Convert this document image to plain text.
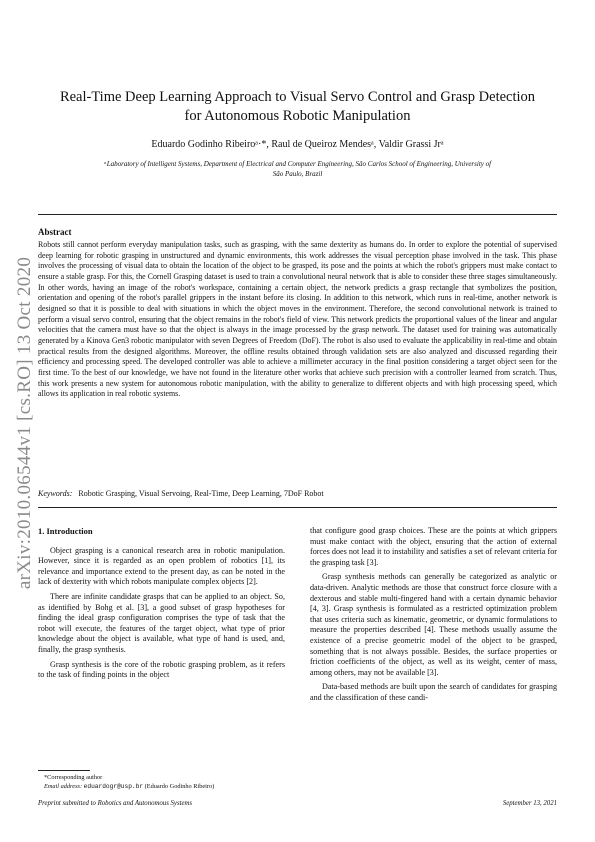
arXiv:2010.06544v1 [cs.RO] 13 Oct 2020
Real-Time Deep Learning Approach to Visual Servo Control and Grasp Detection
for Autonomous Robotic Manipulation
Eduardo Godinho Ribeiroᵃ·*, Raul de Queiroz Mendesᵃ, Valdir Grassi Jrᵃ
ᵃLaboratory of Intelligent Systems, Department of Electrical and Computer Engineering, São Carlos School of Engineering, University of
São Paulo, Brazil
Abstract

Robots still cannot perform everyday manipulation tasks, such as grasping, with the same dexterity as humans do. In order to explore the potential of supervised deep learning for robotic grasping in unstructured and dynamic environments, this work addresses the visual perception phase involved in the task. This phase involves the processing of visual data to obtain the location of the object to be grasped, its pose and the points at which the robot's grippers must make contact to ensure a stable grasp. For this, the Cornell Grasping dataset is used to train a convolutional neural network that is able to consider these three stages simultaneously. In other words, having an image of the robot's workspace, containing a certain object, the network predicts a grasp rectangle that symbolizes the position, orientation and opening of the robot's parallel grippers in the instant before its closing. In addition to this network, which runs in real-time, another network is designed so that it is possible to deal with situations in which the object moves in the environment. Therefore, the second convolutional network is trained to perform a visual servo control, ensuring that the object remains in the robot's field of view. This network predicts the proportional values of the linear and angular velocities that the camera must have so that the object is always in the image processed by the grasp network. The dataset used for training was automatically generated by a Kinova Gen3 robotic manipulator with seven Degrees of Freedom (DoF). The robot is also used to evaluate the applicability in real-time and obtain practical results from the designed algorithms. Moreover, the offline results obtained through validation sets are also analyzed and discussed regarding their efficiency and processing speed. The developed controller was able to achieve a millimeter accuracy in the final position considering a target object seen for the first time. To the best of our knowledge, we have not found in the literature other works that achieve such precision with a controller learned from scratch. Thus, this work presents a new system for autonomous robotic manipulation, with the ability to generalize to different objects and with high processing speed, which allows its application in real robotic systems.

Keywords: Robotic Grasping, Visual Servoing, Real-Time, Deep Learning, 7DoF Robot
1. Introduction

Object grasping is a canonical research area in robotic manipulation. However, since it is regarded as an open problem of robotics [1], its relevance and importance extend to the present day, as can be noted in the lack of dexterity with which robots manipulate complex objects [2].

There are infinite candidate grasps that can be applied to an object. So, as identified by Bohg et al. [3], a good subset of grasp hypotheses for finding the ideal grasp configuration comprises the type of task that the robot will execute, the features of the target object, what type of prior knowledge about the object is available, what type of hand is used, and, finally, the grasp synthesis.

Grasp synthesis is the core of the robotic grasping problem, as it refers to the task of finding points in the object

that configure good grasp choices. These are the points at which grippers must make contact with the object, ensuring that the action of external forces does not lead it to instability and satisfies a set of relevant criteria for the grasping task [3].

Grasp synthesis methods can generally be categorized as analytic or data-driven. Analytic methods are those that construct force closure with a dexterous and stable multi-fingered hand with a certain dynamic behavior [4, 3]. Grasp synthesis is formulated as a restricted optimization problem that uses criteria such as kinematic, geometric, or dynamic formulations to measure the properties described [4]. These methods usually assume the existence of a precise geometric model of the object to be grasped, something that is not always possible. Besides, the surface properties or friction coefficients of the object, as well as its weight, center of mass, among others, may not be available [3].

Data-based methods are built upon the search of candidates for grasping and the classification of these candi-

*Corresponding author
Email address: eduardogr@usp.br (Eduardo Godinho Ribeiro)
Preprint submitted to Robotics and Autonomous Systems	September 13, 2021
